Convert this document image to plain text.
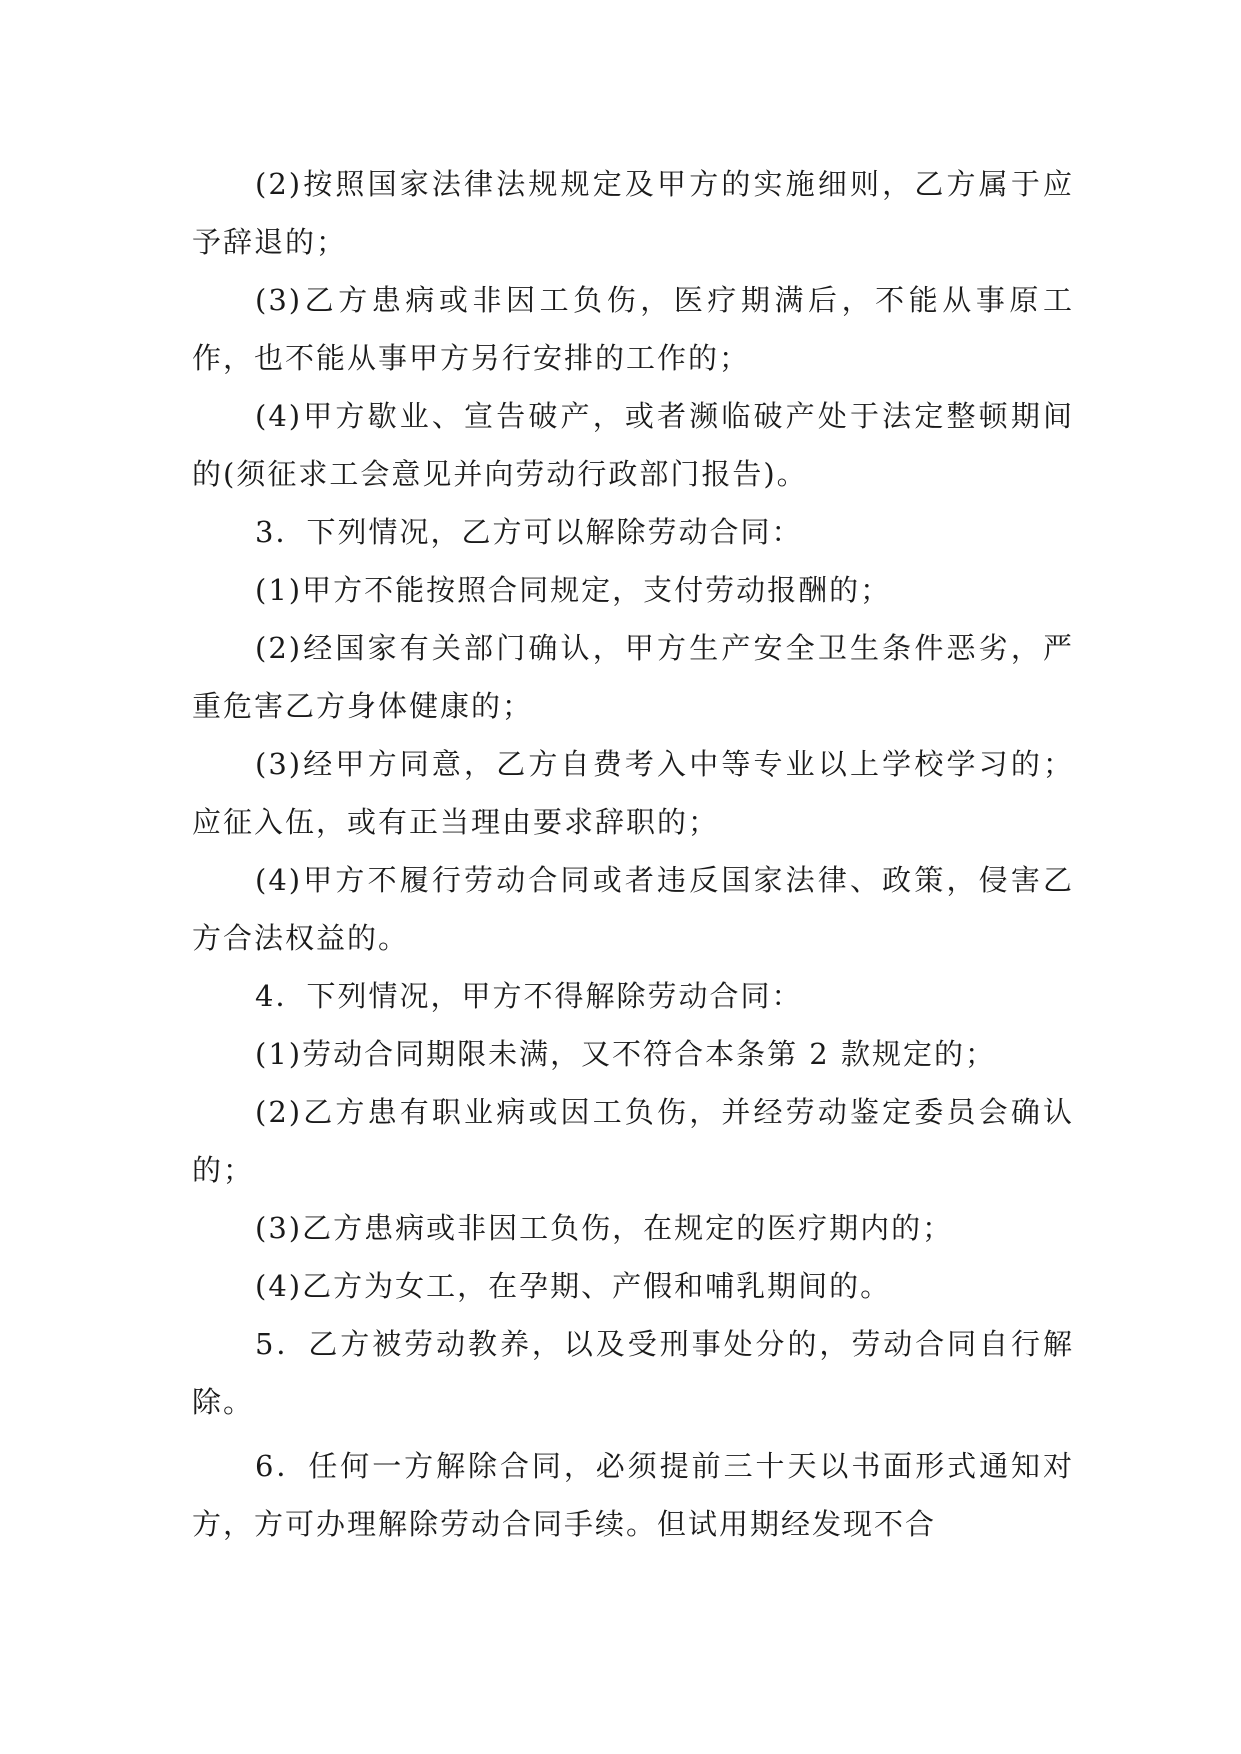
(2)按照国家法律法规规定及甲方的实施细则，乙方属于应予辞退的；

(3)乙方患病或非因工负伤，医疗期满后，不能从事原工作，也不能从事甲方另行安排的工作的；

(4)甲方歇业、宣告破产，或者濒临破产处于法定整顿期间的(须征求工会意见并向劳动行政部门报告)。

3．下列情况，乙方可以解除劳动合同：

(1)甲方不能按照合同规定，支付劳动报酬的；

(2)经国家有关部门确认，甲方生产安全卫生条件恶劣，严重危害乙方身体健康的；

(3)经甲方同意，乙方自费考入中等专业以上学校学习的；应征入伍，或有正当理由要求辞职的；

(4)甲方不履行劳动合同或者违反国家法律、政策，侵害乙方合法权益的。

4．下列情况，甲方不得解除劳动合同：

(1)劳动合同期限未满，又不符合本条第 2 款规定的；

(2)乙方患有职业病或因工负伤，并经劳动鉴定委员会确认的；

(3)乙方患病或非因工负伤，在规定的医疗期内的；

(4)乙方为女工，在孕期、产假和哺乳期间的。

5．乙方被劳动教养，以及受刑事处分的，劳动合同自行解除。

6．任何一方解除合同，必须提前三十天以书面形式通知对方，方可办理解除劳动合同手续。但试用期经发现不合
